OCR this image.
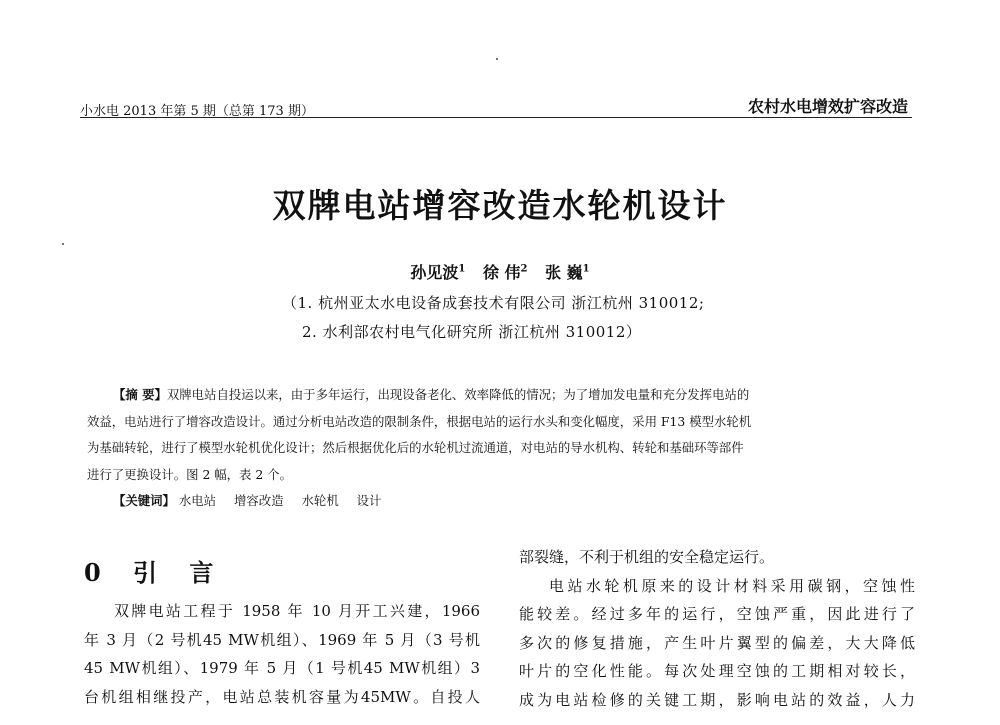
小水电 2013 年第 5 期（总第 173 期）	农村水电增效扩容改造
双牌电站增容改造水轮机设计
孙见波$^1$ 徐 伟$^2$ 张 巍$^1$
（1. 杭州亚太水电设备成套技术有限公司 浙江杭州 310012;
2. 水利部农村电气化研究所 浙江杭州 310012）
【摘 要】双牌电站自投运以来，由于多年运行，出现设备老化、效率降低的情况；为了增加发电量和充分发挥电站的
效益，电站进行了增容改造设计。通过分析电站改造的限制条件，根据电站的运行水头和变化幅度，采用 F13 模型水轮机
为基础转轮，进行了模型水轮机优化设计；然后根据优化后的水轮机过流通道，对电站的导水机构、转轮和基础环等部件
进行了更换设计。图 2 幅，表 2 个。
【关键词】 水电站 增容改造 水轮机 设计
0 引 言
双牌电站工程于 1958 年 10 月开工兴建，1966
年 3 月（2 号机45 MW机组）、1969 年 5 月（3 号机
45 MW机组）、1979 年 5 月（1 号机45 MW机组）3
台机组相继投产，电站总装机容量为45MW。自投人
部裂缝，不利于机组的安全稳定运行。
电站水轮机原来的设计材料采用碳钢，空蚀性
能较差。经过多年的运行，空蚀严重，因此进行了
多次的修复措施，产生叶片翼型的偏差，大大降低
叶片的空化性能。每次处理空蚀的工期相对较长，
成为电站检修的关键工期，影响电站的效益，人力
